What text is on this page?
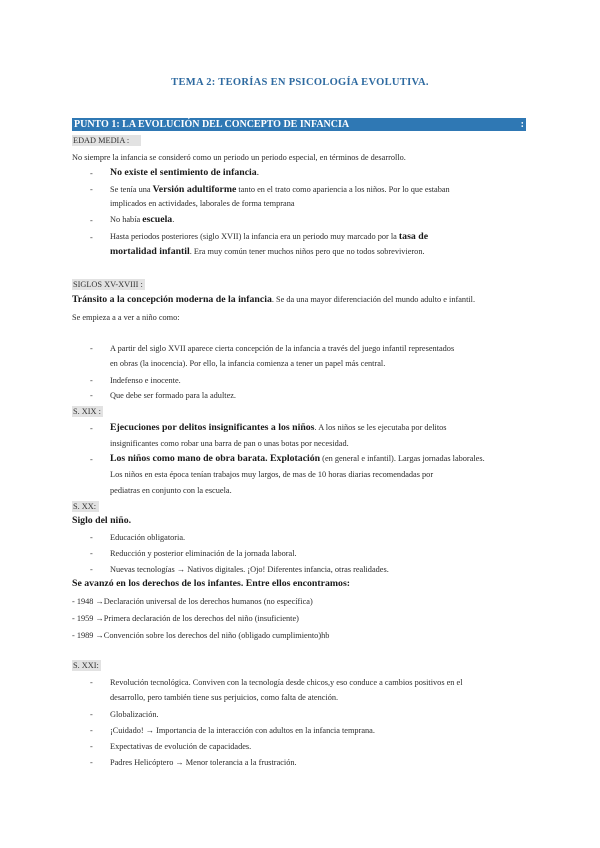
TEMA 2: TEORÍAS EN PSICOLOGÍA EVOLUTIVA.
PUNTO 1: LA EVOLUCIÓN DEL CONCEPTO DE INFANCIA	:
EDAD MEDIA :
No siempre la infancia se consideró como un periodo un periodo especial, en términos de desarrollo.
- No existe el sentimiento de infancia.
- Se tenía una Versión adultiforme tanto en el trato como apariencia a los niños. Por lo que estaban
implicados en actividades, laborales de forma temprana
- No había escuela.
- Hasta periodos posteriores (siglo XVII) la infancia era un periodo muy marcado por la tasa de
mortalidad infantil. Era muy común tener muchos niños pero que no todos sobrevivieron.
SIGLOS XV-XVIII :
Tránsito a la concepción moderna de la infancia. Se da una mayor diferenciación del mundo adulto e infantil.
Se empieza a a ver a niño como:
- A partir del siglo XVII aparece cierta concepción de la infancia a través del juego infantil representados
en obras (la inocencia). Por ello, la infancia comienza a tener un papel más central.
- Indefenso e inocente.
- Que debe ser formado para la adultez.
S. XIX :
- Ejecuciones por delitos insignificantes a los niños. A los niños se les ejecutaba por delitos
insignificantes como robar una barra de pan o unas botas por necesidad.
- Los niños como mano de obra barata. Explotación (en general e infantil). Largas jornadas laborales.
Los niños en esta época tenían trabajos muy largos, de mas de 10 horas diarias recomendadas por
pediatras en conjunto con la escuela.
S. XX:
Siglo del niño.
- Educación obligatoria.
- Reducción y posterior eliminación de la jornada laboral.
- Nuevas tecnologías → Nativos digitales. ¡Ojo! Diferentes infancia, otras realidades.
Se avanzó en los derechos de los infantes. Entre ellos encontramos:
- 1948 →Declaración universal de los derechos humanos (no específica)
- 1959 →Primera declaración de los derechos del niño (insuficiente)
- 1989 →Convención sobre los derechos del niño (obligado cumplimiento)hb
S. XXI:
- Revolución tecnológica. Conviven con la tecnología desde chicos,y eso conduce a cambios positivos en el
desarrollo, pero también tiene sus perjuicios, como falta de atención.
- Globalización.
- ¡Cuidado! → Importancia de la interacción con adultos en la infancia temprana.
- Expectativas de evolución de capacidades.
- Padres Helicóptero → Menor tolerancia a la frustración.
